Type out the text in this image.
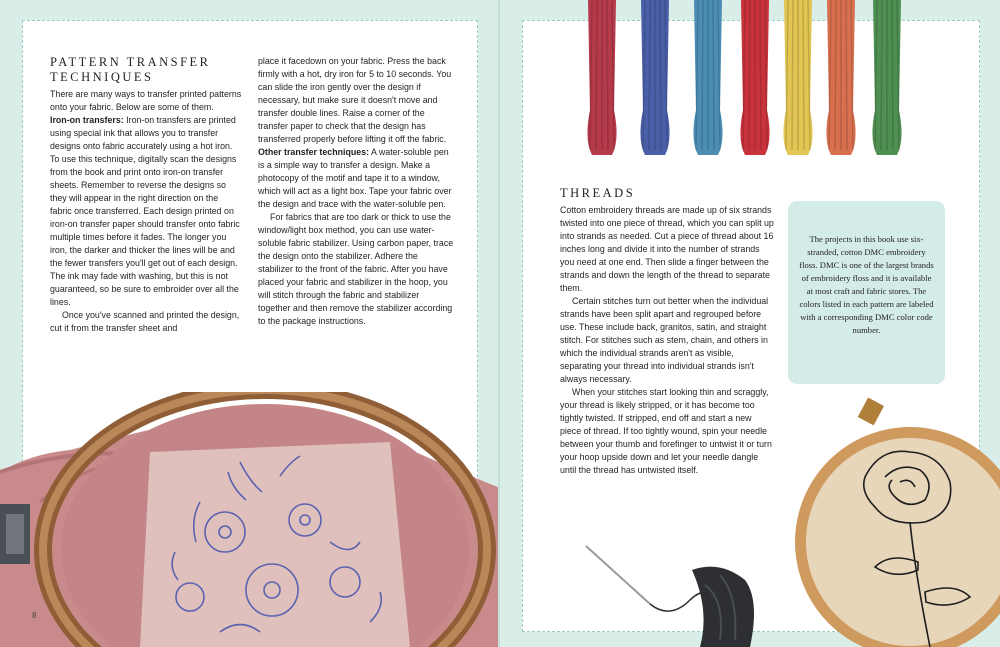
PATTERN TRANSFER TECHNIQUES

There are many ways to transfer printed patterns onto your fabric. Below are some of them.

Iron-on transfers: Iron-on transfers are printed using special ink that allows you to transfer designs onto fabric accurately using a hot iron. To use this technique, digitally scan the designs from the book and print onto iron-on transfer sheets. Remember to reverse the designs so they will appear in the right direction on the fabric once transferred. Each design printed on iron-on transfer paper should transfer onto fabric multiple times before it fades. The longer you iron, the darker and thicker the lines will be and the fewer transfers you'll get out of each design. The ink may fade with washing, but this is not guaranteed, so be sure to embroider over all the lines.

Once you've scanned and printed the design, cut it from the transfer sheet and

place it facedown on your fabric. Press the back firmly with a hot, dry iron for 5 to 10 seconds. You can slide the iron gently over the design if necessary, but make sure it doesn't move and transfer double lines. Raise a corner of the transfer paper to check that the design has transferred properly before lifting it off the fabric.

Other transfer techniques: A water-soluble pen is a simple way to transfer a design. Make a photocopy of the motif and tape it to a window, which will act as a light box. Tape your fabric over the design and trace with the water-soluble pen.

For fabrics that are too dark or thick to use the window/light box method, you can use water-soluble fabric stabilizer. Using carbon paper, trace the design onto the stabilizer. Adhere the stabilizer to the front of the fabric. After you have placed your fabric and stabilizer in the hoop, you will stitch through the fabric and stabilizer together and then remove the stabilizer according to the package instructions.

8
THREADS

Cotton embroidery threads are made up of six strands twisted into one piece of thread, which you can split up into strands as needed. Cut a piece of thread about 16 inches long and divide it into the number of strands you need at one end. Then slide a finger between the strands and down the length of the thread to separate them.

Certain stitches turn out better when the individual strands have been split apart and regrouped before use. These include back, granitos, satin, and straight stitch. For stitches such as stem, chain, and others in which the individual strands aren't as visible, separating your thread into individual strands isn't always necessary.

When your stitches start looking thin and scraggly, your thread is likely stripped, or it has become too tightly twisted. If stripped, end off and start a new piece of thread. If too tightly wound, spin your needle between your thumb and forefinger to untwist it or turn your hoop upside down and let your needle dangle until the thread has untwisted itself.

The projects in this book use six-stranded, cotton DMC embroidery floss. DMC is one of the largest brands of embroidery floss and it is available at most craft and fabric stores. The colors listed in each pattern are labeled with a corresponding DMC color code number.
